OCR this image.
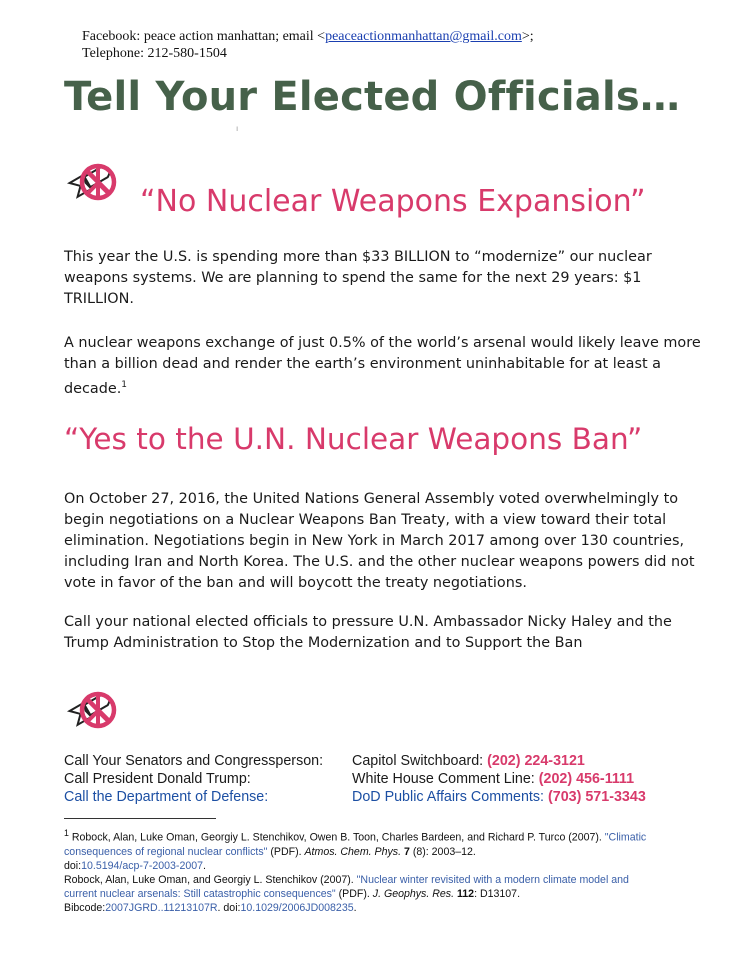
Facebook: peace action manhattan; email <peaceactionmanhattan@gmail.com>;
Telephone: 212-580-1504
ı
Tell Your Elected Officials…
“No Nuclear Weapons Expansion”
This year the U.S. is spending more than $33 BILLION to “modernize” our nuclear weapons systems. We are planning to spend the same for the next 29 years: $1 TRILLION.
A nuclear weapons exchange of just 0.5% of the world’s arsenal would likely leave more than a billion dead and render the earth’s environment uninhabitable for at least a decade.$^1$
“Yes to the U.N. Nuclear Weapons Ban”
On October 27, 2016, the United Nations General Assembly voted overwhelmingly to begin negotiations on a Nuclear Weapons Ban Treaty, with a view toward their total elimination. Negotiations begin in New York in March 2017 among over 130 countries, including Iran and North Korea. The U.S. and the other nuclear weapons powers did not vote in favor of the ban and will boycott the treaty negotiations.
Call your national elected officials to pressure U.N. Ambassador Nicky Haley and the Trump Administration to Stop the Modernization and to Support the Ban
Call Your Senators and Congressperson:	Capitol Switchboard: (202) 224-3121
Call President Donald Trump:	White House Comment Line: (202) 456-1111
Call the Department of Defense:	DoD Public Affairs Comments: (703) 571-3343
$^1$ Robock, Alan, Luke Oman, Georgiy L. Stenchikov, Owen B. Toon, Charles Bardeen, and Richard P. Turco (2007). "Climatic consequences of regional nuclear conflicts" (PDF). Atmos. Chem. Phys. 7 (8): 2003–12.
doi:10.5194/acp-7-2003-2007.
Robock, Alan, Luke Oman, and Georgiy L. Stenchikov (2007). "Nuclear winter revisited with a modern climate model and current nuclear arsenals: Still catastrophic consequences" (PDF). J. Geophys. Res. 112: D13107.
Bibcode:2007JGRD..11213107R. doi:10.1029/2006JD008235.
